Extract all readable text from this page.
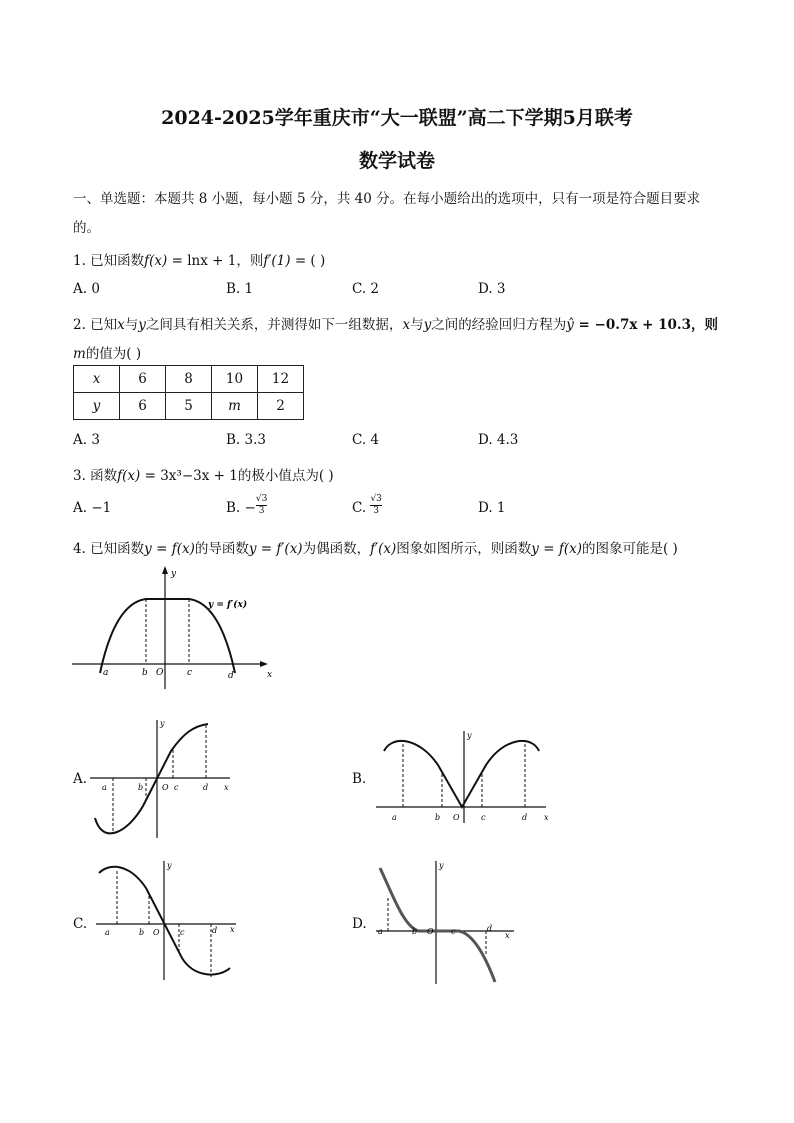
2024-2025学年重庆市“大一联盟”高二下学期5月联考
数学试卷
一、单选题：本题共 8 小题，每小题 5 分，共 40 分。在每小题给出的选项中，只有一项是符合题目要求
的。
1. 已知函数f(x) = lnx + 1，则f′(1) = ( )
A. 0	B. 1	C. 2	D. 3
2. 已知x与y之间具有相关关系，并测得如下一组数据，x与y之间的经验回归方程为ŷ = −0.7x + 10.3，则
m的值为( )
x	6	8	10	12
y	6	5	m	2
A. 3	B. 3.3	C. 4	D. 4.3
3. 函数f(x) = 3x³−3x + 1的极小值点为( )
A. −1	B. − $\frac{√3}{3}$	C. $\frac{√3}{3}$	D. 1
4. 已知函数y = f(x)的导函数y = f′(x)为偶函数，f′(x)图象如图所示，则函数y = f(x)的图象可能是( )
a	b O	c	d	x
y
y = f′(x)
A.
a	b O c	d x
y
B.
a	b O	c	d x
y
C.
a	b O	c	d x
y
D. a	b O c	d
x
y
